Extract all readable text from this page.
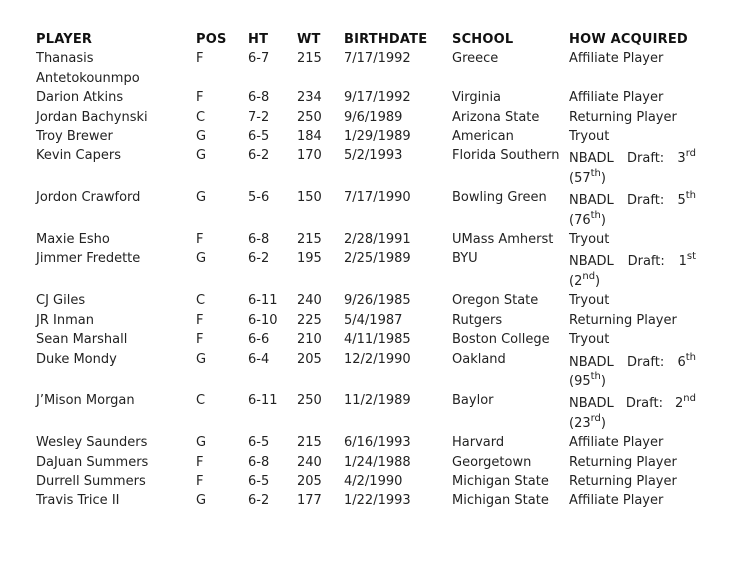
PLAYER	POS	HT	WT	BIRTHDATE	SCHOOL	HOW ACQUIRED
Thanasis Antetokounmpo	F	6-7	215	7/17/1992	Greece	Affiliate Player
Darion Atkins	F	6-8	234	9/17/1992	Virginia	Affiliate Player
Jordan Bachynski	C	7-2	250	9/6/1989	Arizona State	Returning Player
Troy Brewer	G	6-5	184	1/29/1989	American	Tryout
Kevin Capers	G	6-2	170	5/2/1993	Florida Southern	NBADL Draft: 3rd
(57th)

Jordon Crawford	G	5-6	150	7/17/1990	Bowling Green	NBADL Draft: 5th
(76th)

Maxie Esho	F	6-8	215	2/28/1991	UMass Amherst	Tryout
Jimmer Fredette	G	6-2	195	2/25/1989	BYU	NBADL Draft: 1st
(2nd)

CJ Giles	C	6-11	240	9/26/1985	Oregon State	Tryout
JR Inman	F	6-10	225	5/4/1987	Rutgers	Returning Player
Sean Marshall	F	6-6	210	4/11/1985	Boston College	Tryout
Duke Mondy	G	6-4	205	12/2/1990	Oakland	NBADL Draft: 6th
(95th)

J’Mison Morgan	C	6-11	250	11/2/1989	Baylor	NBADL Draft: 2nd
(23rd)

Wesley Saunders	G	6-5	215	6/16/1993	Harvard	Affiliate Player
DaJuan Summers	F	6-8	240	1/24/1988	Georgetown	Returning Player
Durrell Summers	F	6-5	205	4/2/1990	Michigan State	Returning Player
Travis Trice II	G	6-2	177	1/22/1993	Michigan State	Affiliate Player
